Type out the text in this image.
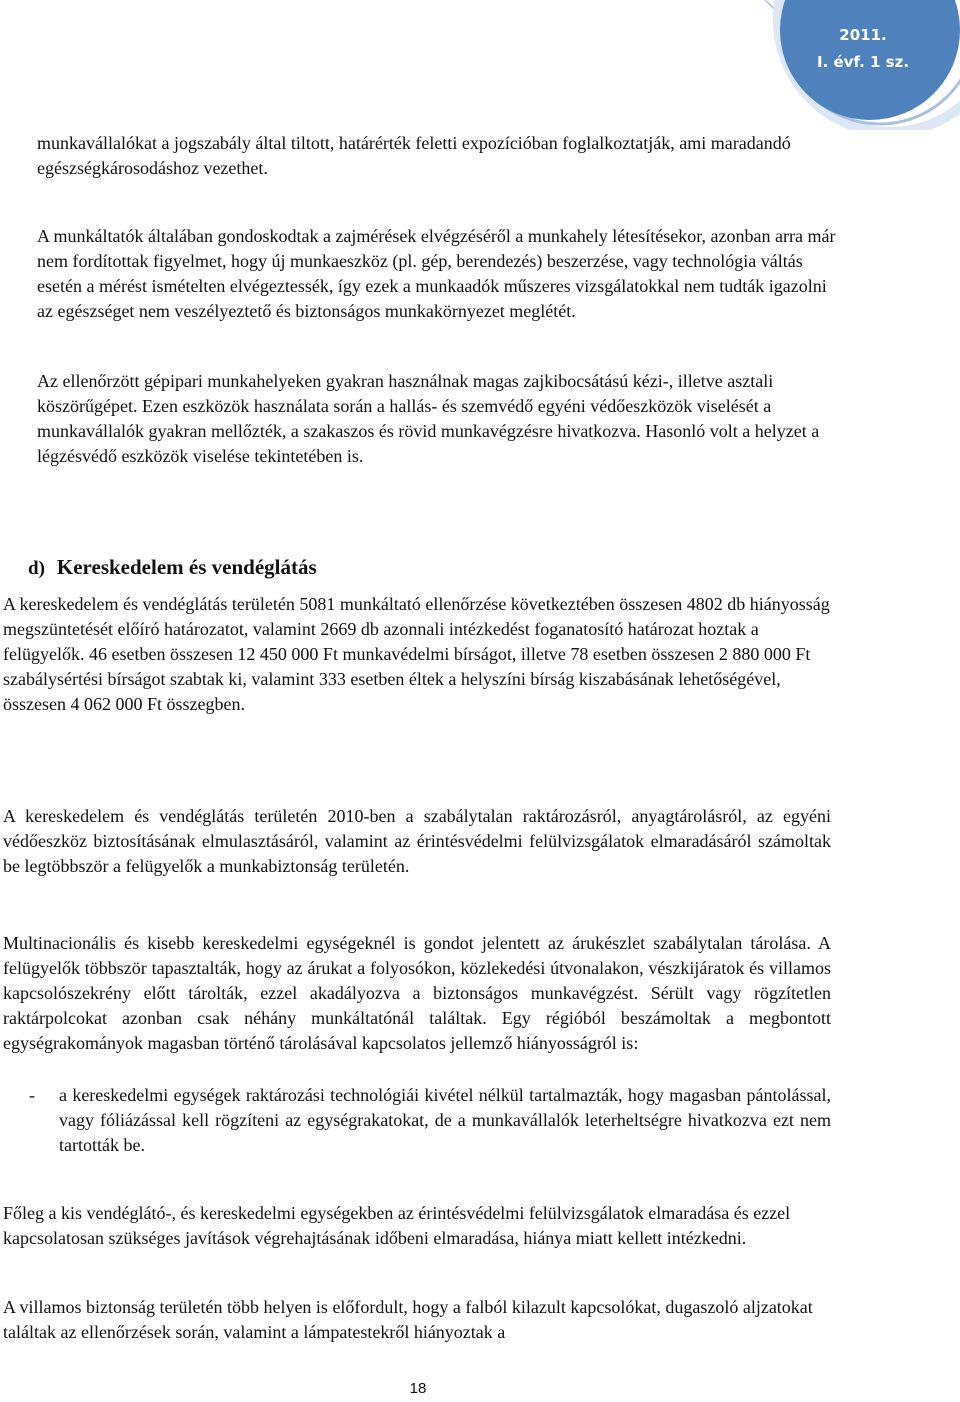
2011.
I. évf. 1 sz.

munkavállalókat a jogszabály által tiltott, határérték feletti expozícióban foglalkoztatják, ami maradandó egészségkárosodáshoz vezethet.

A munkáltatók általában gondoskodtak a zajmérések elvégzéséről a munkahely létesítésekor, azonban arra már nem fordítottak figyelmet, hogy új munkaeszköz (pl. gép, berendezés) beszerzése, vagy technológia váltás esetén a mérést ismételten elvégeztessék, így ezek a munkaadók műszeres vizsgálatokkal nem tudták igazolni az egészséget nem veszélyeztető és biztonságos munkakörnyezet meglétét.

Az ellenőrzött gépipari munkahelyeken gyakran használnak magas zajkibocsátású kézi-, illetve asztali köszörűgépet. Ezen eszközök használata során a hallás- és szemvédő egyéni védőeszközök viselését a munkavállalók gyakran mellőzték, a szakaszos és rövid munkavégzésre hivatkozva. Hasonló volt a helyzet a légzésvédő eszközök viselése tekintetében is.

d) Kereskedelem és vendéglátás

A kereskedelem és vendéglátás területén 5081 munkáltató ellenőrzése következtében összesen 4802 db hiányosság megszüntetését előíró határozatot, valamint 2669 db azonnali intézkedést foganatosító határozat hoztak a felügyelők. 46 esetben összesen 12 450 000 Ft munkavédelmi bírságot, illetve 78 esetben összesen 2 880 000 Ft szabálysértési bírságot szabtak ki, valamint 333 esetben éltek a helyszíni bírság kiszabásának lehetőségével, összesen 4 062 000 Ft összegben.

A kereskedelem és vendéglátás területén 2010-ben a szabálytalan raktározásról, anyagtárolásról, az egyéni védőeszköz biztosításának elmulasztásáról, valamint az érintésvédelmi felülvizsgálatok elmaradásáról számoltak be legtöbbször a felügyelők a munkabiztonság területén.

Multinacionális és kisebb kereskedelmi egységeknél is gondot jelentett az árukészlet szabálytalan tárolása. A felügyelők többször tapasztalták, hogy az árukat a folyosókon, közlekedési útvonalakon, vészkijáratok és villamos kapcsolószekrény előtt tárolták, ezzel akadályozva a biztonságos munkavégzést. Sérült vagy rögzítetlen raktárpolcokat azonban csak néhány munkáltatónál találtak. Egy régióból beszámoltak a megbontott egységrakományok magasban történő tárolásával kapcsolatos jellemző hiányosságról is:

- a kereskedelmi egységek raktározási technológiái kivétel nélkül tartalmazták, hogy magasban pántolással, vagy fóliázással kell rögzíteni az egységrakatokat, de a munkavállalók leterheltségre hivatkozva ezt nem tartották be.

Főleg a kis vendéglátó-, és kereskedelmi egységekben az érintésvédelmi felülvizsgálatok elmaradása és ezzel kapcsolatosan szükséges javítások végrehajtásának időbeni elmaradása, hiánya miatt kellett intézkedni.

A villamos biztonság területén több helyen is előfordult, hogy a falból kilazult kapcsolókat, dugaszoló aljzatokat találtak az ellenőrzések során, valamint a lámpatestekről hiányoztak a

18
